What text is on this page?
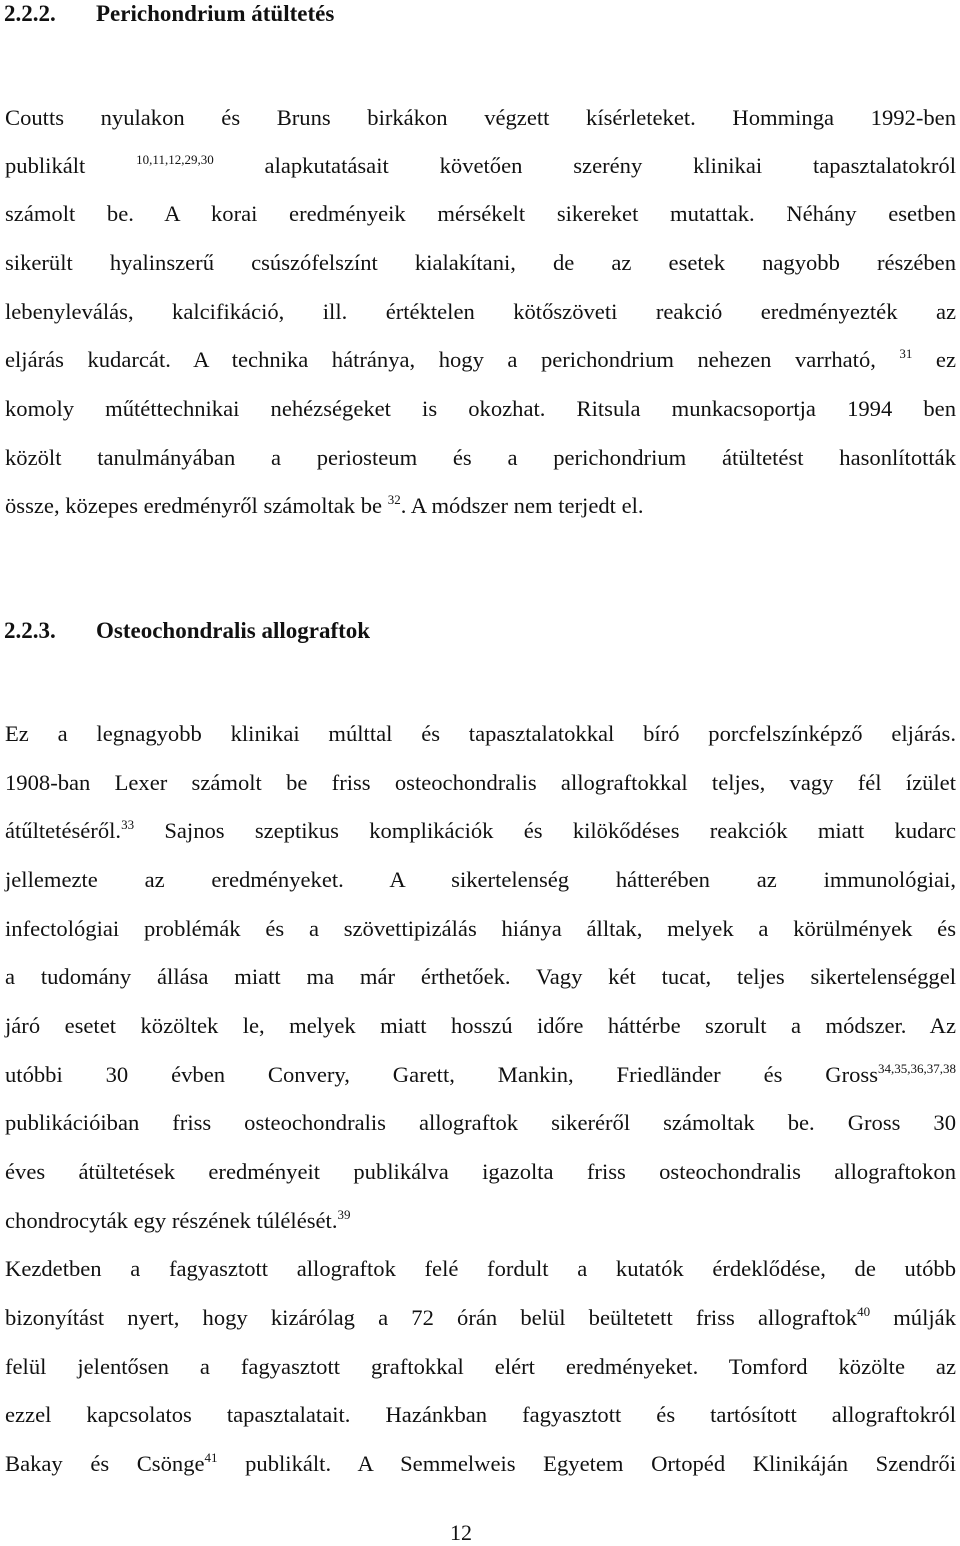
2.2.2. Perichondrium átültetés
Coutts nyulakon és Bruns birkákon végzett kísérleteket. Homminga 1992-ben
publikált $^{10,11,12,29,30}$ alapkutatásait követően szerény klinikai tapasztalatokról
számolt be. A korai eredményeik mérsékelt sikereket mutattak. Néhány esetben
sikerült hyalinszerű csúszófelszínt kialakítani, de az esetek nagyobb részében
lebenyleválás, kalcifikáció, ill. értéktelen kötőszöveti reakció eredményezték az
eljárás kudarcát. A technika hátránya, hogy a perichondrium nehezen varrható, $^{31}$ ez
komoly műtéttechnikai nehézségeket is okozhat. Ritsula munkacsoportja 1994 ben
közölt tanulmányában a periosteum és a perichondrium átültetést hasonlították
össze, közepes eredményről számoltak be $^{32}$. A módszer nem terjedt el.
2.2.3. Osteochondralis allograftok
Ez a legnagyobb klinikai múlttal és tapasztalatokkal bíró porcfelszínképző eljárás.
1908-ban Lexer számolt be friss osteochondralis allograftokkal teljes, vagy fél ízület
átűltetéséről.$^{33}$ Sajnos szeptikus komplikációk és kilökődéses reakciók miatt kudarc
jellemezte az eredményeket. A sikertelenség hátterében az immunológiai,
infectológiai problémák és a szövettipizálás hiánya álltak, melyek a körülmények és
a tudomány állása miatt ma már érthetőek. Vagy két tucat, teljes sikertelenséggel
járó esetet közöltek le, melyek miatt hosszú időre háttérbe szorult a módszer. Az
utóbbi 30 évben Convery, Garett, Mankin, Friedländer és Gross$^{34,35,36,37,38}$
publikációiban friss osteochondralis allograftok sikeréről számoltak be. Gross 30
éves átültetések eredményeit publikálva igazolta friss osteochondralis allograftokon
chondrocyták egy részének túlélését.$^{39}$
Kezdetben a fagyasztott allograftok felé fordult a kutatók érdeklődése, de utóbb
bizonyítást nyert, hogy kizárólag a 72 órán belül beültetett friss allograftok$^{40}$ múlják
felül jelentősen a fagyasztott graftokkal elért eredményeket. Tomford közölte az
ezzel kapcsolatos tapasztalatait. Hazánkban fagyasztott és tartósított allograftokról
Bakay és Csönge$^{41}$ publikált. A Semmelweis Egyetem Ortopéd Klinikáján Szendrői
12
